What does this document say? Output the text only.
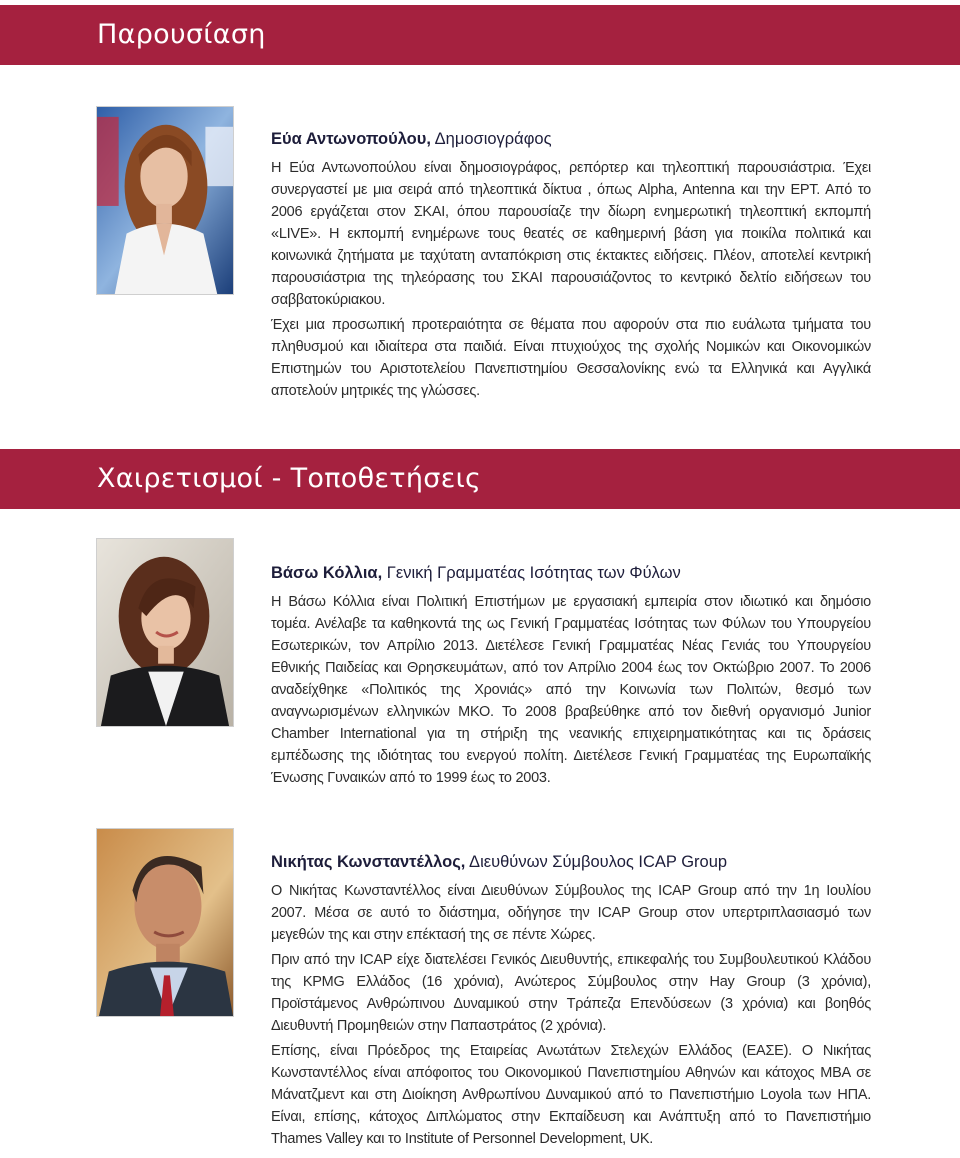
Παρουσίαση
Εύα Αντωνοπούλου, Δημοσιογράφος

Η Εύα Αντωνοπούλου είναι δημοσιογράφος, ρεπόρτερ και τηλεοπτική παρουσιάστρια. Έχει συνεργαστεί με μια σειρά από τηλεοπτικά δίκτυα , όπως Alpha, Antenna και την ΕΡΤ. Από το 2006 εργάζεται στον ΣΚΑΙ, όπου παρουσίαζε την δίωρη ενημερωτική τηλεοπτική εκπομπή «LIVE». Η εκπομπή ενημέρωνε τους θεατές σε καθημερινή βάση για ποικίλα πολιτικά και κοινωνικά ζητήματα με ταχύτατη ανταπόκριση στις έκτακτες ειδήσεις. Πλέον, αποτελεί κεντρική παρουσιάστρια της τηλεόρασης του ΣΚΑΙ παρουσιάζοντος το κεντρικό δελτίο ειδήσεων του σαββατοκύριακου.

Έχει μια προσωπική προτεραιότητα σε θέματα που αφορούν στα πιο ευάλωτα τμήματα του πληθυσμού και ιδιαίτερα στα παιδιά. Είναι πτυχιούχος της σχολής Νομικών και Οικονομικών Επιστημών του Αριστοτελείου Πανεπιστημίου Θεσσαλονίκης ενώ τα Ελληνικά και Αγγλικά αποτελούν μητρικές της γλώσσες.

Χαιρετισμοί - Τοποθετήσεις
Βάσω Κόλλια, Γενική Γραμματέας Ισότητας των Φύλων

Η Βάσω Κόλλια είναι Πολιτική Επιστήμων με εργασιακή εμπειρία στον ιδιωτικό και δημόσιο τομέα. Ανέλαβε τα καθηκοντά της ως Γενική Γραμματέας Ισότητας των Φύλων του Υπουργείου Εσωτερικών, τον Απρίλιο 2013. Διετέλεσε Γενική Γραμματέας Νέας Γενιάς του Υπουργείου Εθνικής Παιδείας και Θρησκευμάτων, από τον Απρίλιο 2004 έως τον Οκτώβριο 2007. Το 2006 αναδείχθηκε «Πολιτικός της Χρονιάς» από την Κοινωνία των Πολιτών, θεσμό των αναγνωρισμένων ελληνικών ΜΚΟ. Το 2008 βραβεύθηκε από τον διεθνή οργανισμό Junior Chamber International για τη στήριξη της νεανικής επιχειρηματικότητας και τις δράσεις εμπέδωσης της ιδιότητας του ενεργού πολίτη. Διετέλεσε Γενική Γραμματέας της Ευρωπαϊκής Ένωσης Γυναικών από το 1999 έως το 2003.

Νικήτας Κωνσταντέλλος, Διευθύνων Σύμβουλος ICAP Group

Ο Νικήτας Κωνσταντέλλος είναι Διευθύνων Σύμβουλος της ICAP Group από την 1η Ιουλίου 2007. Μέσα σε αυτό το διάστημα, οδήγησε την ICAP Group στον υπερτριπλασιασμό των μεγεθών της και στην επέκτασή της σε πέντε Χώρες.

Πριν από την ICAP είχε διατελέσει Γενικός Διευθυντής, επικεφαλής του Συμβουλευτικού Κλάδου της KPMG Ελλάδος (16 χρόνια), Ανώτερος Σύμβουλος στην Hay Group (3 χρόνια), Προϊστάμενος Ανθρώπινου Δυναμικού στην Τράπεζα Επενδύσεων (3 χρόνια) και βοηθός Διευθυντή Προμηθειών στην Παπαστράτος (2 χρόνια).

Επίσης, είναι Πρόεδρος της Εταιρείας Ανωτάτων Στελεχών Ελλάδος (ΕΑΣΕ). Ο Νικήτας Κωνσταντέλλος είναι απόφοιτος του Οικονομικού Πανεπιστημίου Αθηνών και κάτοχος ΜΒΑ σε Μάνατζμεντ και στη Διοίκηση Ανθρωπίνου Δυναμικού από το Πανεπιστήμιο Loyola των ΗΠΑ. Είναι, επίσης, κάτοχος Διπλώματος στην Εκπαίδευση και Ανάπτυξη από το Πανεπιστήμιο Thames Valley και το Institute of Personnel Development, UK.
